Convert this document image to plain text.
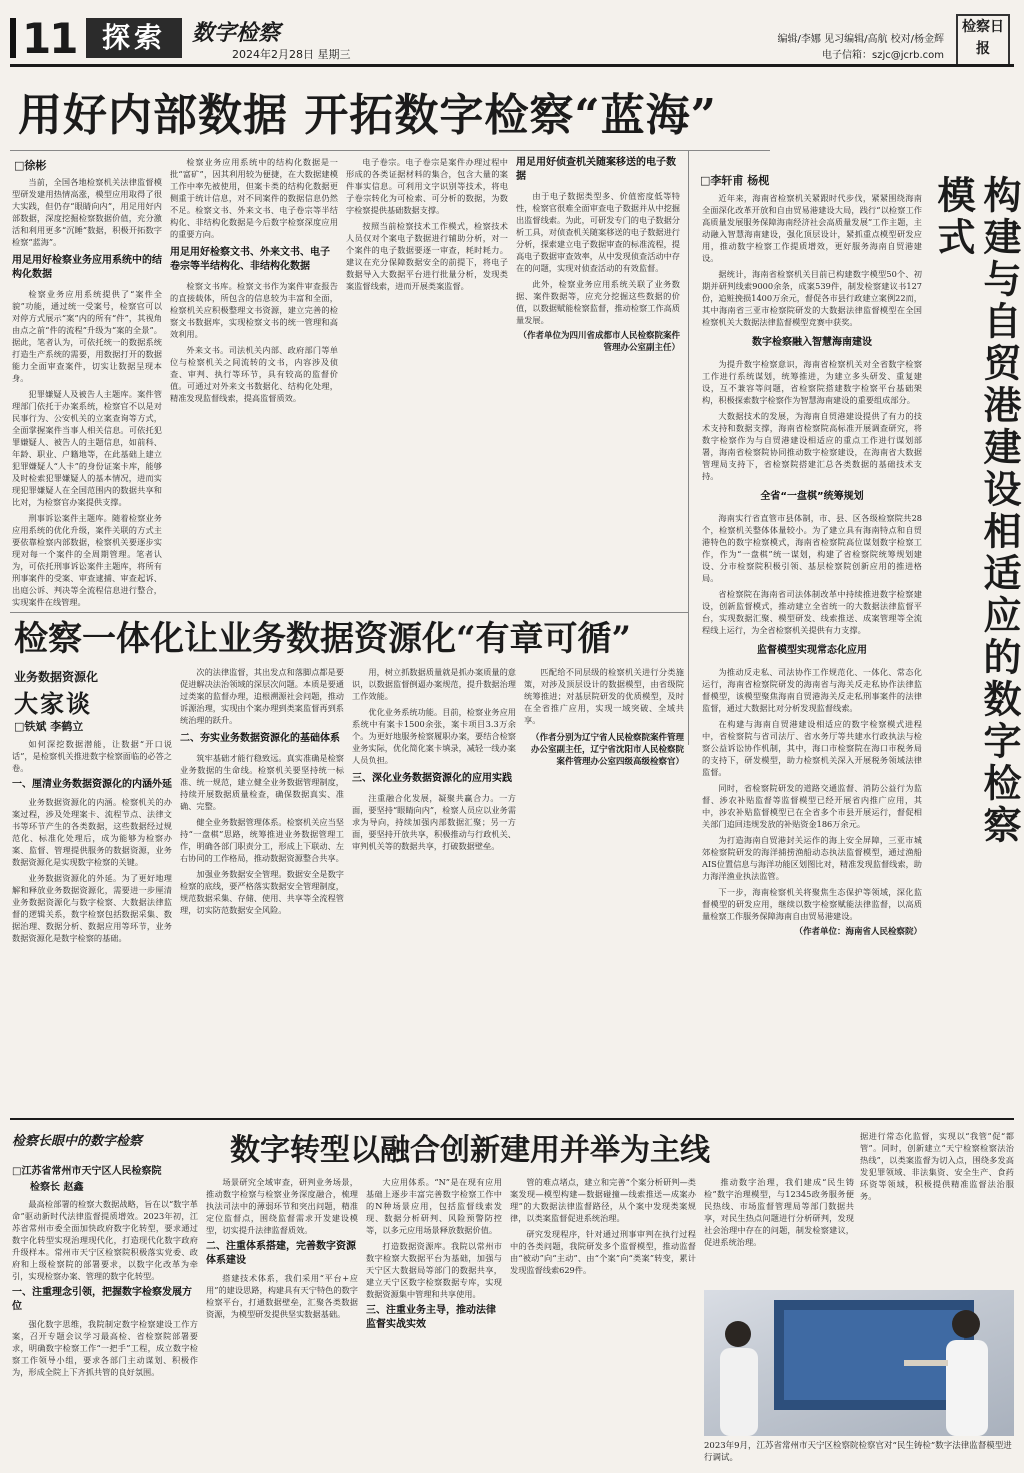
11 探索	数字检察
2024年2月28日 星期三
编辑/李娜 见习编辑/高航 校对/杨金辉
电子信箱：szjc@jcrb.com
检察日报
用好内部数据 开拓数字检察“蓝海”
□徐彬

当前，全国各地检察机关法律监督模型研发建用热情高涨，模型应用取得了很大实践，但仍存“眼睛向内”，用足用好内部数据，深度挖掘检察数据价值，充分激活和利用更多“沉睡”数据，积极开拓数字检察“蓝海”。

用足用好检察业务应用系统中的结构化数据

检察业务应用系统提供了“案件全貌”功能，通过统一受案号，检察官可以对停方式展示“案”内的所有“件”，其视角由点之前“件的流程”升级为“案的全景”。据此，笔者认为，可依托统一的数据系统打造生产系统的需要，用数据打开的数据能力全面审查案件，切实让数据呈现本身。

犯罪嫌疑人及被告人主题库。案件管理部门依托于办案系统，检察官不以是对民事行为、公安机关的立案查询等方式，全面掌握案件当事人相关信息。可依托犯罪嫌疑人、被告人的主题信息，如前科、年龄、职业、户籍地等，在此基础上建立犯罪嫌疑人“人卡”的身份证案卡库，能够及时检索犯罪嫌疑人的基本情况，进而实现犯罪嫌疑人在全国范围内的数据共享和比对，为检察官办案提供支撑。

刑事诉讼案件主题库。随着检察业务应用系统的优化升级，案件关联的方式主要依靠检察内部数据，检察机关要逐步实现对每一个案件的全周期管理。笔者认为，可依托刑事诉讼案件主题库，将所有刑事案件的受案、审查逮捕、审查起诉、出庭公诉、判决等全流程信息进行整合，实现案件在线管理。

检察业务应用系统中的结构化数据是一批“富矿”，因其利用较为便捷，在大数据建模工作中率先被使用，但案卡类的结构化数据更侧重于统计信息，对不同案件的数据信息仍然不足。检察文书、外来文书、电子卷宗等半结构化、非结构化数据是今后数字检察深度应用的重要方向。

用足用好检察文书、外来文书、电子卷宗等半结构化、非结构化数据

检察文书库。检察文书作为案件审查报告的直接载体，所包含的信息较为丰富和全面，检察机关应积极整理文书资源，建立完善的检察文书数据库，实现检察文书的统一管理和高效利用。

外来文书。司法机关内部、政府部门等单位与检察机关之间流转的文书，内容涉及侦查、审判、执行等环节，具有较高的监督价值。可通过对外来文书数据化、结构化处理，精准发现监督线索，提高监督质效。

电子卷宗。电子卷宗是案件办理过程中形成的各类证据材料的集合，包含大量的案件事实信息。可利用文字识别等技术，将电子卷宗转化为可检索、可分析的数据，为数字检察提供基础数据支撑。

按照当前检察技术工作模式，检察技术人员仅对个案电子数据进行辅助分析，对一个案件的电子数据要逐一审查，耗时耗力。建议在充分保障数据安全的前提下，将电子数据导入大数据平台进行批量分析，发现类案监督线索，进而开展类案监督。

用足用好侦查机关随案移送的电子数据

由于电子数据类型多、价值密度低等特性，检察官很难全面审查电子数据并从中挖掘出监督线索。为此，可研发专门的电子数据分析工具，对侦查机关随案移送的电子数据进行分析，探索建立电子数据审查的标准流程，提高电子数据审查效率，从中发现侦查活动中存在的问题，实现对侦查活动的有效监督。

此外，检察业务应用系统关联了业务数据、案件数据等，应充分挖掘这些数据的价值，以数据赋能检察监督，推动检察工作高质量发展。

（作者单位为四川省成都市人民检察院案件管理办公室副主任）	构建与自贸港建设相适应的数字检察模式
□李轩甫 杨枧

近年来，海南省检察机关紧跟时代步伐，紧紧围绕海南全面深化改革开放和自由贸易港建设大局，践行“以检察工作高质量发展服务保障海南经济社会高质量发展”工作主题，主动融入智慧海南建设，强化顶层设计，紧抓重点模型研发应用，推动数字检察工作提质增效，更好服务海南自贸港建设。

据统计，海南省检察机关目前已构建数字模型50个、初期并研判线索9000余条，成案539件，制发检察建议书127份，追赃挽损1400万余元，督促各市县行政建立案例22而，其中海南省三亚市检察院研发的大数据法律监督模型在全国检察机关大数据法律监督模型竞赛中获奖。

数字检察融入智慧海南建设

为提升数字检察意识，海南省检察机关对全省数字检察工作进行系统谋划，统筹推进，为建立多头研发、重复建设，互不兼容等问题，省检察院搭建数字检察平台基础架构，积极探索数字检察作为智慧海南建设的重要组成部分。

大数据技术的发展，为海南自贸港建设提供了有力的技术支持和数据支撑，海南省检察院高标准开展调查研究，将数字检察作为与自贸港建设相适应的重点工作进行谋划部署，海南省检察院协同推动数字检察建设，在海南省大数据管理局支持下，省检察院搭建汇总各类数据的基础技术支持。

全省“一盘棋”统筹规划

海南实行省直管市县体制，市、县、区各级检察院共28个，检察机关整体体量较小。为了建立具有海南特点和自贸港特色的数字检察模式，海南省检察院高位谋划数字检察工作，作为“一盘棋”统一谋划，构建了省检察院统筹规划建设、分市检察院积极引领、基层检察院创新应用的推进格局。

省检察院在海南省司法体制改革中持续推进数字检察建设，创新监督模式，推动建立全省统一的大数据法律监督平台，实现数据汇聚、模型研发、线索推送、成案管理等全流程线上运行，为全省检察机关提供有力支撑。

监督模型实现常态化应用

为推动反走私、司法协作工作规范化、一体化、常态化运行，海南省检察院研发的海南省与海关反走私协作法律监督模型，该模型聚焦海南自贸港海关反走私刑事案件的法律监督，通过大数据比对分析发现监督线索。

在构建与海南自贸港建设相适应的数字检察模式进程中，省检察院与省司法厅、省水务厅等共建水行政执法与检察公益诉讼协作机制，其中，海口市检察院在海口市税务局的支持下，研发模型，助力检察机关深入开展税务领域法律监督。

同时，省检察院研发的道路交通监督、消防公益行为监督、涉农补贴监督等监督模型已经开展省内推广应用，其中，涉农补贴监督模型已在全省多个市县开展运行，督促相关部门追回违规发放的补贴资金186万余元。

为打造海南自贸港封关运作的海上安全屏障，三亚市城郊检察院研发的海洋捕捞渔船动态执法监督模型，通过渔船AIS位置信息与海洋功能区划图比对，精准发现监督线索，助力海洋渔业执法监管。

下一步，海南检察机关将聚焦生态保护等领域，深化监督模型的研发应用，继续以数字检察赋能法律监督，以高质量检察工作服务保障海南自由贸易港建设。

（作者单位：海南省人民检察院）

检察一体化让业务数据资源化“有章可循”
业务数据资源化
大家谈
□铁斌 李鹤立

如何深挖数据潜能，让数据“开口说话”，是检察机关推进数字检察面临的必答之卷。

一、厘清业务数据资源化的内涵外延

业务数据资源化的内涵。检察机关的办案过程，涉及处理案卡、流程节点、法律文书等环节产生的各类数据，这些数据经过规范化、标准化处理后，成为能够为检察办案、监督、管理提供服务的数据资源，业务数据资源化是实现数字检察的关键。

业务数据资源化的外延。为了更好地理解和释放业务数据资源化，需要进一步厘清业务数据资源化与数字检察、大数据法律监督的逻辑关系，数字检察包括数据采集、数据治理、数据分析、数据应用等环节，业务数据资源化是数字检察的基础。

次的法律监督，其出发点和落脚点都是要促进解决法治领域的深层次问题。本质是要通过类案的监督办理，追根溯源社会问题，推动诉源治理，实现由个案办理到类案监督再到系统治理的跃升。

二、夯实业务数据资源化的基础体系

筑牢基础才能行稳致远。真实准确是检察业务数据的生命线。检察机关要坚持统一标准、统一规范，建立健全业务数据管理制度，持续开展数据质量检查，确保数据真实、准确、完整。

健全业务数据管理体系。检察机关应当坚持“一盘棋”思路，统筹推进业务数据管理工作，明确各部门职责分工，形成上下联动、左右协同的工作格局，推动数据资源整合共享。

加强业务数据安全管理。数据安全是数字检察的底线，要严格落实数据安全管理制度，规范数据采集、存储、使用、共享等全流程管理，切实防范数据安全风险。

用，树立抓数据质量就是抓办案质量的意识，以数据监督倒逼办案规范，提升数据治理工作效能。

优化业务系统功能。目前，检察业务应用系统中有案卡1500余张，案卡项目3.3万余个。为更好地服务检察履职办案，要结合检察业务实际，优化简化案卡填录，减轻一线办案人员负担。

三、深化业务数据资源化的应用实践

注重融合化发展，凝聚共赢合力。一方面，要坚持“眼睛向内”，检察人员应以业务需求为导向，持续加强内部数据汇聚；另一方面，要坚持开放共享，积极推动与行政机关、审判机关等的数据共享，打破数据壁垒。

匹配给不同层级的检察机关进行分类施策，对涉及顶层设计的数据模型，由省级院统筹推进；对基层院研发的优质模型，及时在全省推广应用，实现一域突破、全域共享。

（作者分别为辽宁省人民检察院案件管理办公室副主任，辽宁省沈阳市人民检察院案件管理办公室四级高级检察官）

检察长眼中的数字检察	数字转型以融合创新建用并举为主线
□江苏省常州市天宁区人民检察院
检察长 赵鑫

最高检部署的检察大数据战略，旨在以“数字革命”驱动新时代法律监督提质增效。2023年初，江苏省常州市委全面加快政府数字化转型，要求通过数字化转型实现治理现代化，打造现代化数字政府升级样本。常州市天宁区检察院积极落实党委、政府和上级检察院的部署要求，以数字化改革为牵引，实现检察办案、管理的数字化转型。

一、注重理念引领，把握数字检察发展方位

强化数字思维，我院制定数字检察建设工作方案，召开专题会议学习最高检、省检察院部署要求，明确数字检察工作“一把手”工程，成立数字检察工作领导小组，要求各部门主动谋划、积极作为，形成全院上下齐抓共管的良好氛围。

场景研究全域审查，研判业务场景，推动数字检察与检察业务深度融合，梳理执法司法中的薄弱环节和突出问题，精准定位监督点，围绕监督需求开发建设模型，切实提升法律监督质效。

二、注重体系搭建，完善数字资源体系建设

搭建技术体系，我们采用“平台+应用”的建设思路，构建具有天宁特色的数字检察平台，打通数据壁垒，汇聚各类数据资源，为模型研发提供坚实数据基础。

大应用体系。“N”是在现有应用基础上逐步丰富完善数字检察工作中的N种场景应用，包括监督线索发现、数据分析研判、风险预警防控等，以多元应用场景释放数据价值。

打造数据资源库。我院以常州市数字检察大数据平台为基础，加强与天宁区大数据局等部门的数据共享，建立天宁区数字检察数据专库，实现数据资源集中管理和共享使用。

三、注重业务主导，推动法律监督实战实效

管的难点堵点，建立和完善“个案分析研判—类案发现—模型构建—数据碰撞—线索推送—成案办理”的大数据法律监督路径，从个案中发现类案规律，以类案监督促进系统治理。

研究发现程序，针对通过刑事审判在执行过程中的各类问题，我院研发多个监督模型，推动监督由“被动”向“主动”、由“个案”向“类案”转变，累计发现监督线索629件。

推动数字治理，我们建成“民生铸检”数字治理模型，与12345政务服务便民热线、市场监督管理局等部门数据共享，对民生热点问题进行分析研判，发现社会治理中存在的问题，制发检察建议，促进系统治理。

据进行常态化监督，实现以“我管”促“都管”。同时，创新建立“天宁检察检察法治热线”，以类案监督为切入点，围绕多发高发犯罪领域、非法集资、安全生产、食药环资等领域，积极提供精准监督法治服务。

2023年9月，江苏省常州市天宁区检察院检察官对“民生铸检”数字法律监督模型进行调试。
